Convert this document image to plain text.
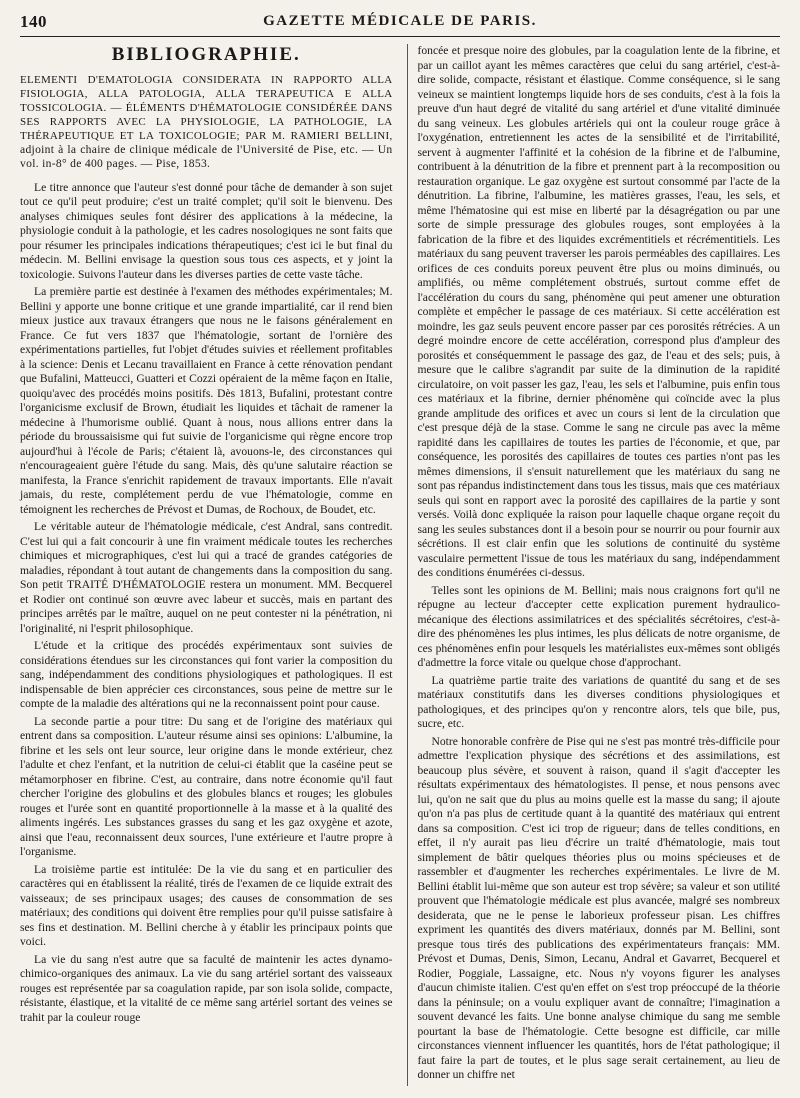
140	GAZETTE MÉDICALE DE PARIS.
BIBLIOGRAPHIE.
ELEMENTI D'EMATOLOGIA CONSIDERATA IN RAPPORTO ALLA FISIOLOGIA, ALLA PATOLOGIA, ALLA TERAPEUTICA E ALLA TOSSICOLOGIA. — ÉLÉMENTS D'HÉMATOLOGIE CONSIDÉRÉE DANS SES RAPPORTS AVEC LA PHYSIOLOGIE, LA PATHOLOGIE, LA THÉRAPEUTIQUE ET LA TOXICOLOGIE; PAR M. RAMIERI BELLINI, adjoint à la chaire de clinique médicale de l'Université de Pise, etc. — Un vol. in-8° de 400 pages. — Pise, 1853.

Le titre annonce que l'auteur s'est donné pour tâche de demander à son sujet tout ce qu'il peut produire; c'est un traité complet; qu'il soit le bienvenu. Des analyses chimiques seules font désirer des applications à la médecine, la physiologie conduit à la pathologie, et les cadres nosologiques ne sont faits que pour résumer les principales indications thérapeutiques; c'est ici le but final du médecin. M. Bellini envisage la question sous tous ces aspects, et y joint la toxicologie. Suivons l'auteur dans les diverses parties de cette vaste tâche.

La première partie est destinée à l'examen des méthodes expérimentales; M. Bellini y apporte une bonne critique et une grande impartialité, car il rend bien mieux justice aux travaux étrangers que nous ne le faisons généralement en France. Ce fut vers 1837 que l'hématologie, sortant de l'ornière des expérimentations partielles, fut l'objet d'études suivies et réellement profitables à la science: Denis et Lecanu travaillaient en France à cette rénovation pendant que Bufalini, Matteucci, Guatteri et Cozzi opéraient de la même façon en Italie, quoiqu'avec des procédés moins positifs. Dès 1813, Bufalini, protestant contre l'organicisme exclusif de Brown, étudiait les liquides et tâchait de ramener la médecine à l'humorisme oublié. Quant à nous, nous allions entrer dans la période du broussaisisme qui fut suivie de l'organicisme qui règne encore trop aujourd'hui à l'école de Paris; c'étaient là, avouons-le, des circonstances qui n'encourageaient guère l'étude du sang. Mais, dès qu'une salutaire réaction se manifesta, la France s'enrichit rapidement de travaux importants. Elle n'avait jamais, du reste, complétement perdu de vue l'hématologie, comme en témoignent les recherches de Prévost et Dumas, de Rochoux, de Boudet, etc.

Le véritable auteur de l'hématologie médicale, c'est Andral, sans contredit. C'est lui qui a fait concourir à une fin vraiment médicale toutes les recherches chimiques et micrographiques, c'est lui qui a tracé de grandes catégories de maladies, répondant à tout autant de changements dans la composition du sang. Son petit TRAITÉ D'HÉMATOLOGIE restera un monument. MM. Becquerel et Rodier ont continué son œuvre avec labeur et succès, mais en partant des principes arrêtés par le maître, auquel on ne peut contester ni la pénétration, ni l'originalité, ni l'esprit philosophique.

L'étude et la critique des procédés expérimentaux sont suivies de considérations étendues sur les circonstances qui font varier la composition du sang, indépendamment des conditions physiologiques et pathologiques. Il est indispensable de bien apprécier ces circonstances, sous peine de mettre sur le compte de la maladie des altérations qui ne la reconnaissent point pour cause.

La seconde partie a pour titre: Du sang et de l'origine des matériaux qui entrent dans sa composition. L'auteur résume ainsi ses opinions: L'albumine, la fibrine et les sels ont leur source, leur origine dans le monde extérieur, chez l'adulte et chez l'enfant, et la nutrition de celui-ci établit que la caséine peut se métamorphoser en fibrine. C'est, au contraire, dans notre économie qu'il faut chercher l'origine des globulins et des globules blancs et rouges; les globules rouges et l'urée sont en quantité proportionnelle à la masse et à la qualité des aliments ingérés. Les substances grasses du sang et les gaz oxygène et azote, ainsi que l'eau, reconnaissent deux sources, l'une extérieure et l'autre propre à l'organisme.

La troisième partie est intitulée: De la vie du sang et en particulier des caractères qui en établissent la réalité, tirés de l'examen de ce liquide extrait des vaisseaux; de ses principaux usages; des causes de consommation de ses matériaux; des conditions qui doivent être remplies pour qu'il puisse satisfaire à ses fins et destination. M. Bellini cherche à y établir les principaux points que voici.

La vie du sang n'est autre que sa faculté de maintenir les actes dynamo-chimico-organiques des animaux. La vie du sang artériel sortant des vaisseaux rouges est représentée par sa coagulation rapide, par son isola solide, compacte, résistante, élastique, et la vitalité de ce même sang artériel sortant des veines se trahit par la couleur rouge

foncée et presque noire des globules, par la coagulation lente de la fibrine, et par un caillot ayant les mêmes caractères que celui du sang artériel, c'est-à-dire solide, compacte, résistant et élastique. Comme conséquence, si le sang veineux se maintient longtemps liquide hors de ses conduits, c'est à la fois la preuve d'un haut degré de vitalité du sang artériel et d'une vitalité diminuée du sang veineux. Les globules artériels qui ont la couleur rouge grâce à l'oxygénation, entretiennent les actes de la sensibilité et de l'irritabilité, servent à augmenter l'affinité et la cohésion de la fibrine et de l'albumine, contribuent à la dénutrition de la fibre et prennent part à la recomposition ou restauration organique. Le gaz oxygène est surtout consommé par l'acte de la dénutrition. La fibrine, l'albumine, les matières grasses, l'eau, les sels, et même l'hématosine qui est mise en liberté par la désagrégation ou par une sorte de simple pressurage des globules rouges, sont employées à la fabrication de la fibre et des liquides excrémentitiels et récrémentitiels. Les matériaux du sang peuvent traverser les parois perméables des capillaires. Les orifices de ces conduits poreux peuvent être plus ou moins diminués, ou amplifiés, ou même complétement obstrués, surtout comme effet de l'accélération du cours du sang, phénomène qui peut amener une obturation complète et empêcher le passage de ces matériaux. Si cette accélération est moindre, les gaz seuls peuvent encore passer par ces porosités rétrécies. A un degré moindre encore de cette accélération, correspond plus d'ampleur des porosités et conséquemment le passage des gaz, de l'eau et des sels; puis, à mesure que le calibre s'agrandit par suite de la diminution de la rapidité circulatoire, on voit passer les gaz, l'eau, les sels et l'albumine, puis enfin tous ces matériaux et la fibrine, dernier phénomène qui coïncide avec la plus grande amplitude des orifices et avec un cours si lent de la circulation que c'est presque déjà de la stase. Comme le sang ne circule pas avec la même rapidité dans les capillaires de toutes les parties de l'économie, et que, par conséquence, les porosités des capillaires de toutes ces parties n'ont pas les mêmes dimensions, il s'ensuit naturellement que les matériaux du sang ne sont pas répandus indistinctement dans tous les tissus, mais que ces matériaux seuls qui sont en rapport avec la porosité des capillaires de la partie y sont versés. Voilà donc expliquée la raison pour laquelle chaque organe reçoit du sang les seules substances dont il a besoin pour se nourrir ou pour fournir aux sécrétions. Il est clair enfin que les solutions de continuité du système vasculaire permettent l'issue de tous les matériaux du sang, indépendamment des conditions énumérées ci-dessus.

Telles sont les opinions de M. Bellini; mais nous craignons fort qu'il ne répugne au lecteur d'accepter cette explication purement hydraulico-mécanique des élections assimilatrices et des spécialités sécrétoires, c'est-à-dire des phénomènes les plus intimes, les plus délicats de notre organisme, de ces phénomènes enfin pour lesquels les matérialistes eux-mêmes sont obligés d'admettre la force vitale ou quelque chose d'approchant.

La quatrième partie traite des variations de quantité du sang et de ses matériaux constitutifs dans les diverses conditions physiologiques et pathologiques, et des principes qu'on y rencontre alors, tels que bile, pus, sucre, etc.

Notre honorable confrère de Pise qui ne s'est pas montré très-difficile pour admettre l'explication physique des sécrétions et des assimilations, est beaucoup plus sévère, et souvent à raison, quand il s'agit d'accepter les résultats expérimentaux des hématologistes. Il pense, et nous pensons avec lui, qu'on ne sait que du plus au moins quelle est la masse du sang; il ajoute qu'on n'a pas plus de certitude quant à la quantité des matériaux qui entrent dans sa composition. C'est ici trop de rigueur; dans de telles conditions, en effet, il n'y aurait pas lieu d'écrire un traité d'hématologie, mais tout simplement de bâtir quelques théories plus ou moins spécieuses et de rassembler et d'augmenter les recherches expérimentales. Le livre de M. Bellini établit lui-même que son auteur est trop sévère; sa valeur et son utilité prouvent que l'hématologie médicale est plus avancée, malgré ses nombreux desiderata, que ne le pense le laborieux professeur pisan. Les chiffres expriment les quantités des divers matériaux, donnés par M. Bellini, sont presque tous tirés des publications des expérimentateurs français: MM. Prévost et Dumas, Denis, Simon, Lecanu, Andral et Gavarret, Becquerel et Rodier, Poggiale, Lassaigne, etc. Nous n'y voyons figurer les analyses d'aucun chimiste italien. C'est qu'en effet on s'est trop préoccupé de la théorie dans la péninsule; on a voulu expliquer avant de connaître; l'imagination a souvent devancé les faits. Une bonne analyse chimique du sang me semble pourtant la base de l'hématologie. Cette besogne est difficile, car mille circonstances viennent influencer les quantités, hors de l'état pathologique; il faut faire la part de toutes, et le plus sage serait certainement, au lieu de donner un chiffre net
